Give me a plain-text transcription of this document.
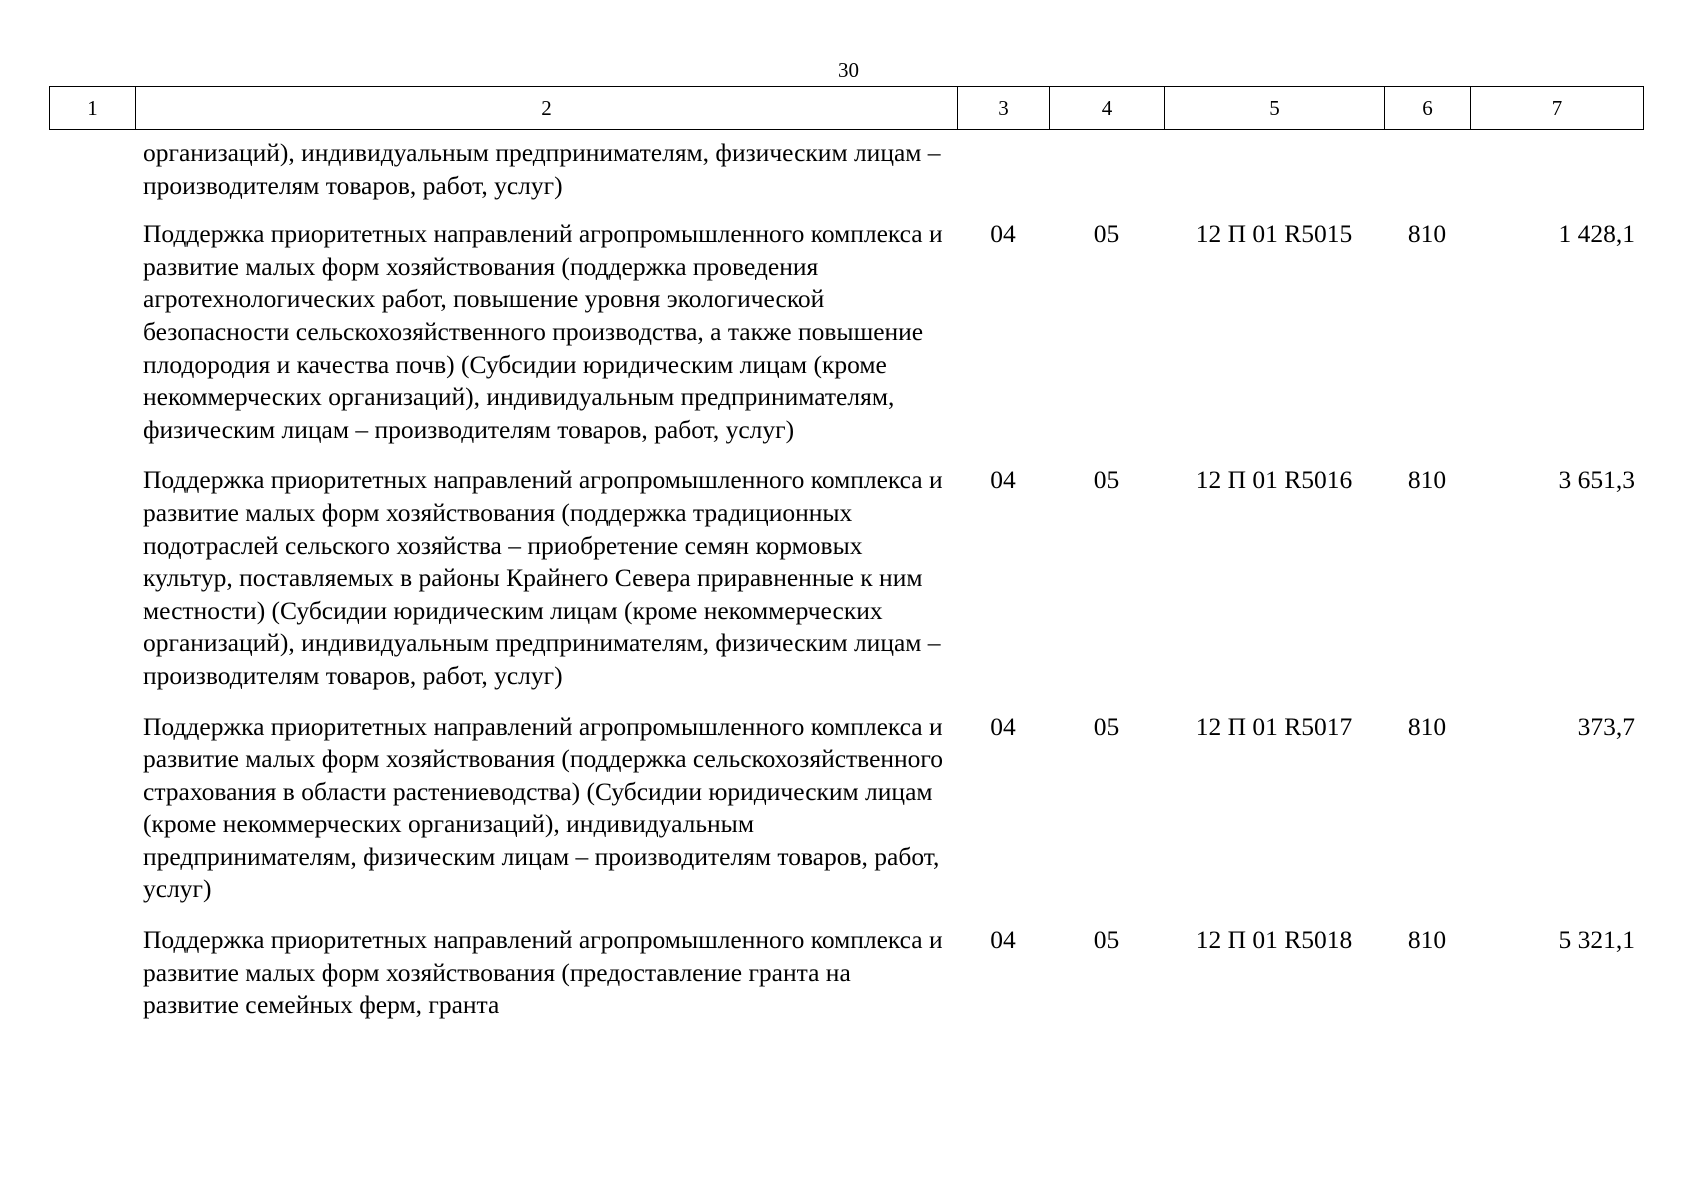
30
1	2	3	4	5	6	7
организаций), индивидуальным предпринимателям, физическим лицам – производителям товаров, работ, услуг)					
Поддержка приоритетных направлений агропромышленного комплекса и развитие малых форм хозяйствования (поддержка проведения агротехнологических работ, повышение уровня экологической безопасности сельскохозяйственного производства, а также повышение плодородия и качества почв) (Субсидии юридическим лицам (кроме некоммерческих организаций), индивидуальным предпринимателям, физическим лицам – производителям товаров, работ, услуг)	04	05	12 П 01 R5015	810	1 428,1
Поддержка приоритетных направлений агропромышленного комплекса и развитие малых форм хозяйствования (поддержка традиционных подотраслей сельского хозяйства – приобретение семян кормовых культур, поставляемых в районы Крайнего Севера приравненные к ним местности) (Субсидии юридическим лицам (кроме некоммерческих организаций), индивидуальным предпринимателям, физическим лицам – производителям товаров, работ, услуг)	04	05	12 П 01 R5016	810	3 651,3
Поддержка приоритетных направлений агропромышленного комплекса и развитие малых форм хозяйствования (поддержка сельскохозяйственного страхования в области растениеводства) (Субсидии юридическим лицам (кроме некоммерческих организаций), индивидуальным предпринимателям, физическим лицам – производителям товаров, работ, услуг)	04	05	12 П 01 R5017	810	373,7
Поддержка приоритетных направлений агропромышленного комплекса и развитие малых форм хозяйствования (предоставление гранта на развитие семейных ферм, гранта	04	05	12 П 01 R5018	810	5 321,1
